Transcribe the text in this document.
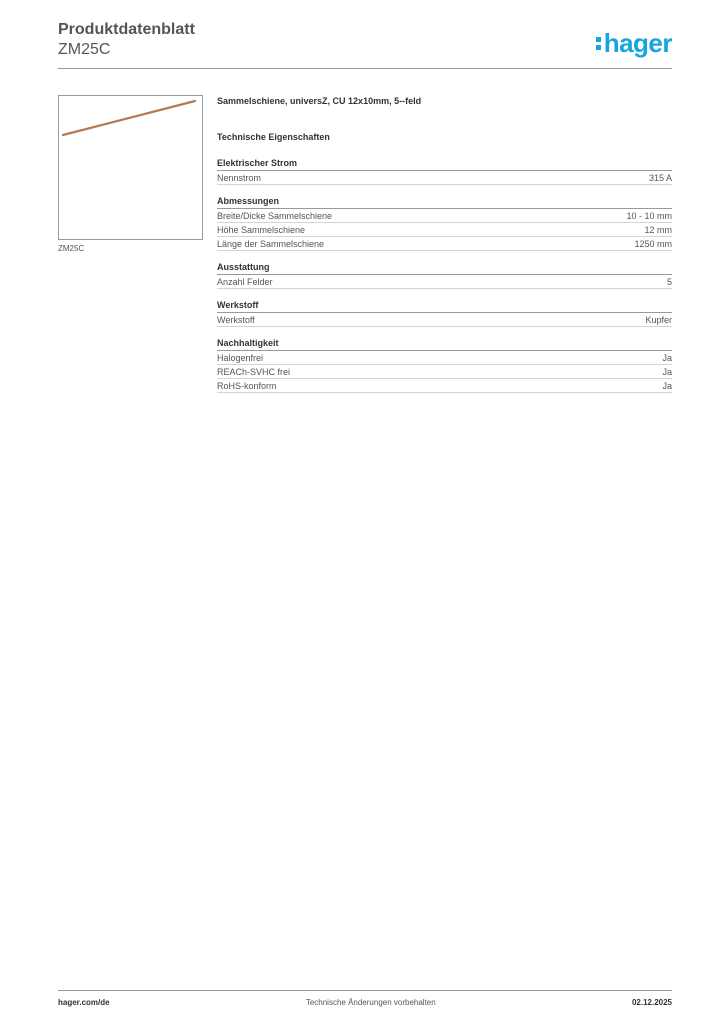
Produktdatenblatt
ZM25C	hager
ZM25C
Sammelschiene, universZ, CU 12x10mm, 5--feld
Technische Eigenschaften
Elektrischer Strom
Nennstrom	315 A
Abmessungen
Breite/Dicke Sammelschiene	10 - 10 mm
Höhe Sammelschiene	12 mm
Länge der Sammelschiene	1250 mm
Ausstattung
Anzahl Felder	5
Werkstoff
Werkstoff	Kupfer
Nachhaltigkeit
Halogenfrei	Ja
REACh-SVHC frei	Ja
RoHS-konform	Ja
hager.com/de	Technische Änderungen vorbehalten	02.12.2025
